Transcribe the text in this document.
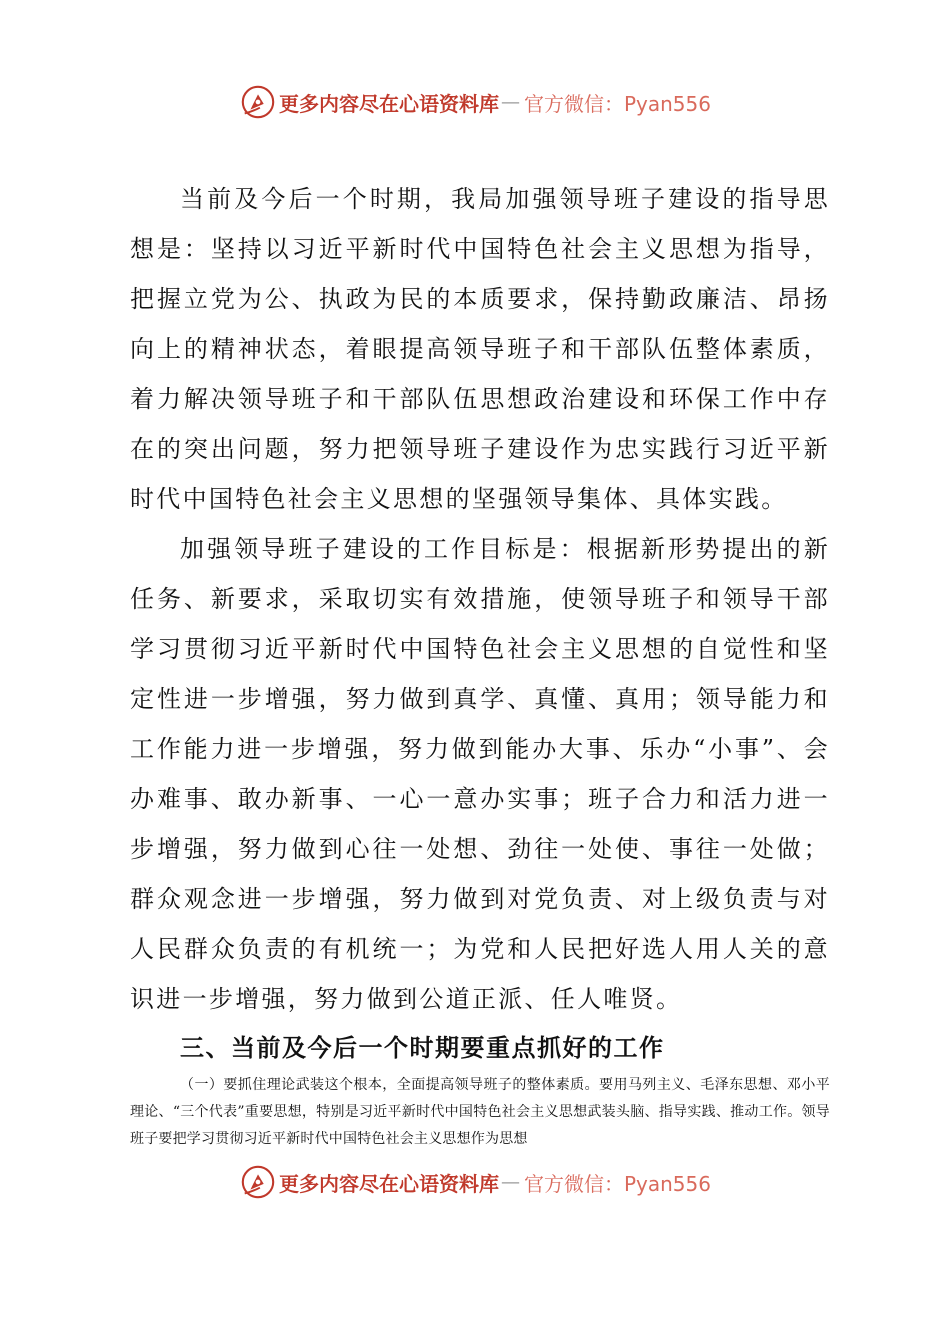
更多内容尽在心语资料库 — 官方微信：Pyan556

当前及今后一个时期，我局加强领导班子建设的指导思想是：坚持以习近平新时代中国特色社会主义思想为指导，把握立党为公、执政为民的本质要求，保持勤政廉洁、昂扬向上的精神状态，着眼提高领导班子和干部队伍整体素质，着力解决领导班子和干部队伍思想政治建设和环保工作中存在的突出问题，努力把领导班子建设作为忠实践行习近平新时代中国特色社会主义思想的坚强领导集体、具体实践。

加强领导班子建设的工作目标是：根据新形势提出的新任务、新要求，采取切实有效措施，使领导班子和领导干部学习贯彻习近平新时代中国特色社会主义思想的自觉性和坚定性进一步增强，努力做到真学、真懂、真用；领导能力和工作能力进一步增强，努力做到能办大事、乐办“小事”、会办难事、敢办新事、一心一意办实事；班子合力和活力进一步增强，努力做到心往一处想、劲往一处使、事往一处做；群众观念进一步增强，努力做到对党负责、对上级负责与对人民群众负责的有机统一；为党和人民把好选人用人关的意识进一步增强，努力做到公道正派、任人唯贤。

三、当前及今后一个时期要重点抓好的工作

（一）要抓住理论武装这个根本，全面提高领导班子的整体素质。要用马列主义、毛泽东思想、邓小平理论、“三个代表”重要思想，特别是习近平新时代中国特色社会主义思想武装头脑、指导实践、推动工作。领导班子要把学习贯彻习近平新时代中国特色社会主义思想作为思想

更多内容尽在心语资料库 — 官方微信：Pyan556
